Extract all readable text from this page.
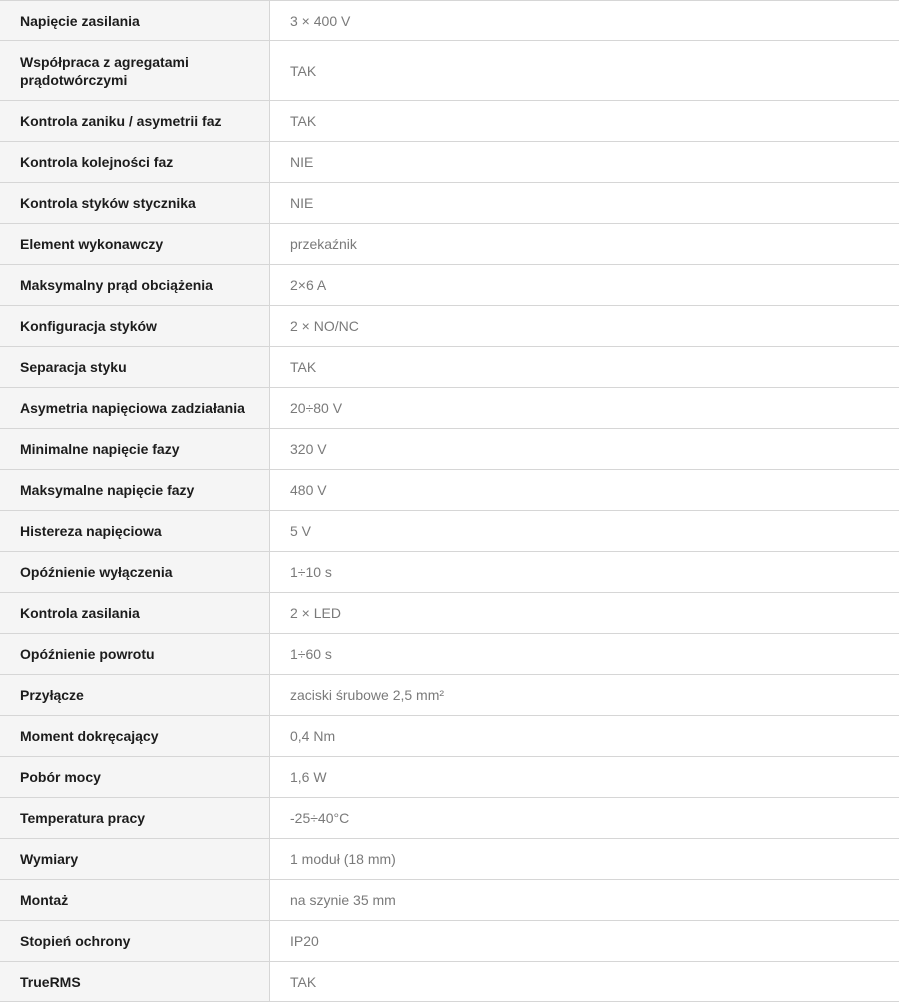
Napięcie zasilania	3 × 400 V
Współpraca z agregatami prądotwórczymi	TAK
Kontrola zaniku / asymetrii faz	TAK
Kontrola kolejności faz	NIE
Kontrola styków stycznika	NIE
Element wykonawczy	przekaźnik
Maksymalny prąd obciążenia	2×6 A
Konfiguracja styków	2 × NO/NC
Separacja styku	TAK
Asymetria napięciowa zadziałania	20÷80 V
Minimalne napięcie fazy	320 V
Maksymalne napięcie fazy	480 V
Histereza napięciowa	5 V
Opóźnienie wyłączenia	1÷10 s
Kontrola zasilania	2 × LED
Opóźnienie powrotu	1÷60 s
Przyłącze	zaciski śrubowe 2,5 mm²
Moment dokręcający	0,4 Nm
Pobór mocy	1,6 W
Temperatura pracy	-25÷40°C
Wymiary	1 moduł (18 mm)
Montaż	na szynie 35 mm
Stopień ochrony	IP20
TrueRMS	TAK
